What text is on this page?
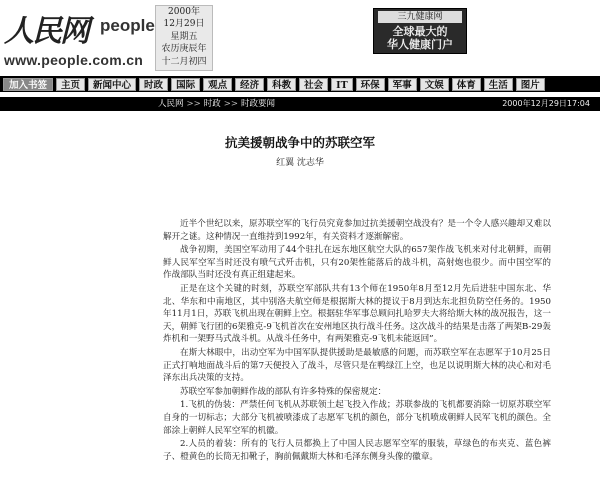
人民网 people
www.people.com.cn
2000年
12月29日
星期五
农历庚辰年
十二月初四
三九健康网
全球最大的
华人健康门户
加入书签	主页	新闻中心	时政	国际	观点	经济	科教	社会	IT	环保	军事	文娱	体育	生活	图片
人民网 >> 时政 >> 时政要闻	2000年12月29日17:04
抗美援朝战争中的苏联空军
红翼 沈志华

近半个世纪以来，原苏联空军的飞行员究竟参加过抗美援朝空战没有？是一个令人感兴趣却又难以解开之谜。这种情况一直维持到1992年，有关资料才逐渐解密。

战争初期，美国空军动用了44个驻扎在远东地区航空大队的657架作战飞机来对付北朝鲜，而朝鲜人民军空军当时还没有喷气式歼击机，只有20架性能落后的战斗机，高射炮也很少。而中国空军的作战部队当时还没有真正组建起来。

正是在这个关键的时刻，苏联空军部队共有13个师在1950年8月至12月先后进驻中国东北、华北、华东和中南地区，其中别洛夫航空师是根据斯大林的提议于8月到达东北担负防空任务的。1950年11月1日，苏联飞机出现在朝鲜上空。根据驻华军事总顾问扎哈罗夫大将给斯大林的战况报告，这一天，朝鲜飞行团的6架雅克-9飞机首次在安州地区执行战斗任务。这次战斗的结果是击落了两架B-29轰炸机和一架野马式战斗机。从战斗任务中，有两架雅克-9飞机未能返回”。

在斯大林眼中，出动空军为中国军队提供援助是最敏感的问题，而苏联空军在志愿军于10月25日正式打响地面战斗后的第7天便投入了战斗，尽管只是在鸭绿江上空，也足以说明斯大林的决心和对毛泽东出兵决策的支持。

苏联空军参加朝鲜作战的部队有许多特殊的保密规定：

1.飞机的伪装：严禁任何飞机从苏联领土起飞投入作战；苏联参战的飞机都要消除一切原苏联空军自身的一切标志；大部分飞机被喷漆成了志愿军飞机的颜色，部分飞机喷成朝鲜人民军飞机的颜色。全部涂上朝鲜人民军空军的机徽。

2.人员的着装：所有的飞行人员都换上了中国人民志愿军空军的服装，草绿色的布夹克、蓝色裤子、橙黄色的长筒无扣靴子，胸前佩戴斯大林和毛泽东侧身头像的徽章。
